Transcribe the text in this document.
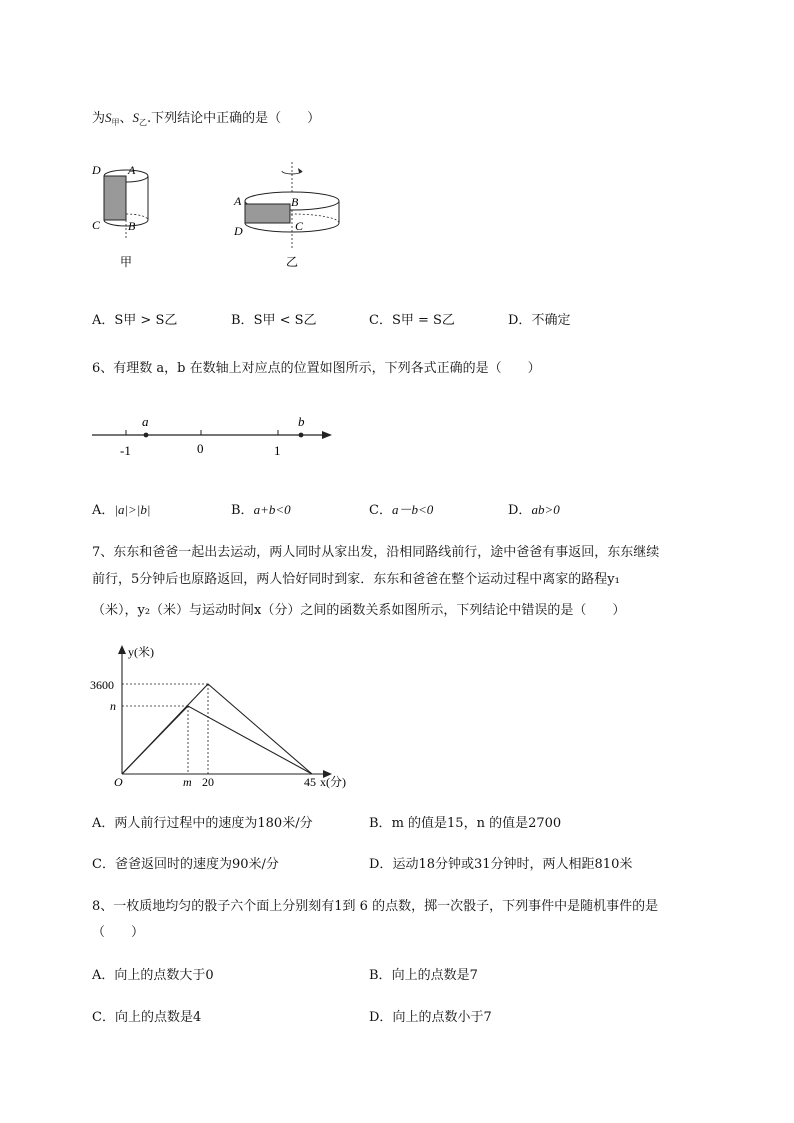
为$S_甲$、$S_乙$.下列结论中正确的是（　　）
D A
C B
甲
A	B
D	C
乙
A．S甲 > S乙	B．S甲 < S乙	C．S甲 = S乙	D．不确定
6、有理数 a，b 在数轴上对应点的位置如图所示，下列各式正确的是（　　）
a	b
-1	0	1
A．|a|>|b|	B．a+b<0	C．a－b<0	D．ab>0
7、东东和爸爸一起出去运动，两人同时从家出发，沿相同路线前行，途中爸爸有事返回，东东继续
前行，5分钟后也原路返回，两人恰好同时到家．东东和爸爸在整个运动过程中离家的路程y₁
（米），y₂（米）与运动时间x（分）之间的函数关系如图所示，下列结论中错误的是（　　）
y(米)
3600
n
O	m 20	45 x(分)
A．两人前行过程中的速度为180米/分	B．m 的值是15，n 的值是2700
C．爸爸返回时的速度为90米/分	D．运动18分钟或31分钟时，两人相距810米
8、一枚质地均匀的骰子六个面上分别刻有1到 6 的点数，掷一次骰子，下列事件中是随机事件的是
（　　）
A．向上的点数大于0	B．向上的点数是7
C．向上的点数是4	D．向上的点数小于7
